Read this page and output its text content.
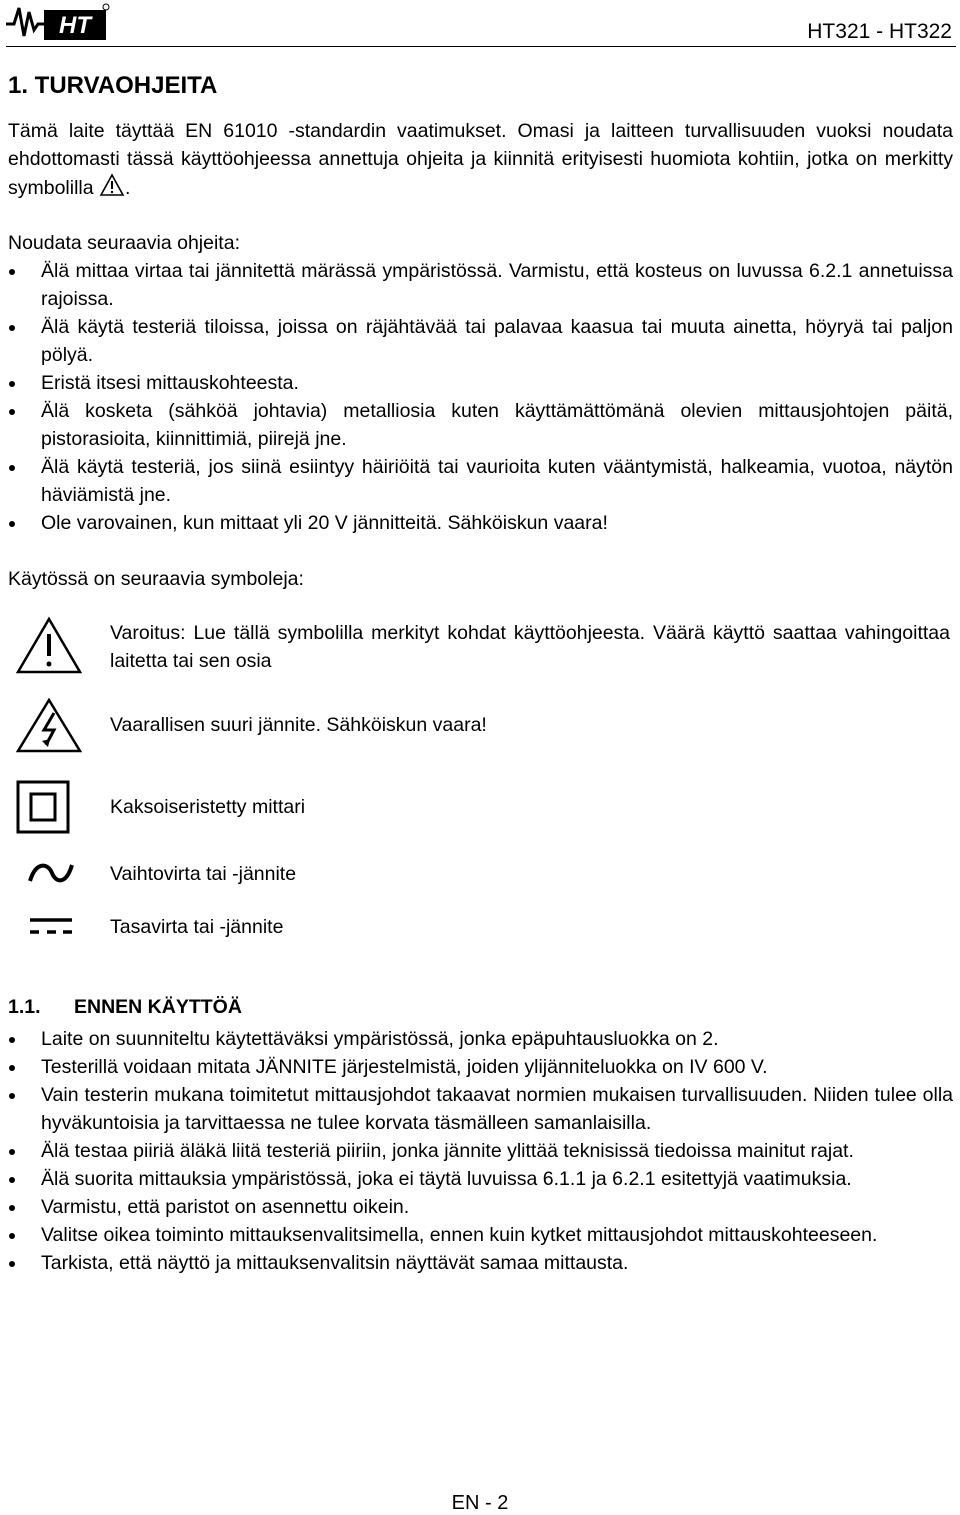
HT	HT321 - HT322
1. TURVAOHJEITA
Tämä laite täyttää EN 61010 -standardin vaatimukset. Omasi ja laitteen turvallisuuden vuoksi noudata ehdottomasti tässä käyttöohjeessa annettuja ohjeita ja kiinnitä erityisesti huomiota kohtiin, jotka on merkitty symbolilla .
Noudata seuraavia ohjeita:
Älä mittaa virtaa tai jännitettä märässä ympäristössä. Varmistu, että kosteus on luvussa 6.2.1 annetuissa rajoissa.
Älä käytä testeriä tiloissa, joissa on räjähtävää tai palavaa kaasua tai muuta ainetta, höyryä tai paljon pölyä.
Eristä itsesi mittauskohteesta.
Älä kosketa (sähköä johtavia) metalliosia kuten käyttämättömänä olevien mittausjohtojen päitä, pistorasioita, kiinnittimiä, piirejä jne.
Älä käytä testeriä, jos siinä esiintyy häiriöitä tai vaurioita kuten vääntymistä, halkeamia, vuotoa, näytön häviämistä jne.
Ole varovainen, kun mittaat yli 20 V jännitteitä. Sähköiskun vaara!
Käytössä on seuraavia symboleja:
Varoitus: Lue tällä symbolilla merkityt kohdat käyttöohjeesta. Väärä käyttö saattaa vahingoittaa laitetta tai sen osia
Vaarallisen suuri jännite. Sähköiskun vaara!
Kaksoiseristetty mittari
Vaihtovirta tai -jännite
Tasavirta tai -jännite
1.1. ENNEN KÄYTTÖÄ
Laite on suunniteltu käytettäväksi ympäristössä, jonka epäpuhtausluokka on 2.
Testerillä voidaan mitata JÄNNITE järjestelmistä, joiden ylijänniteluokka on IV 600 V.
Vain testerin mukana toimitetut mittausjohdot takaavat normien mukaisen turvallisuuden. Niiden tulee olla hyväkuntoisia ja tarvittaessa ne tulee korvata täsmälleen samanlaisilla.
Älä testaa piiriä äläkä liitä testeriä piiriin, jonka jännite ylittää teknisissä tiedoissa mainitut rajat.
Älä suorita mittauksia ympäristössä, joka ei täytä luvuissa 6.1.1 ja 6.2.1 esitettyjä vaatimuksia.
Varmistu, että paristot on asennettu oikein.
Valitse oikea toiminto mittauksenvalitsimella, ennen kuin kytket mittausjohdot mittauskohteeseen.
Tarkista, että näyttö ja mittauksenvalitsin näyttävät samaa mittausta.
EN - 2
